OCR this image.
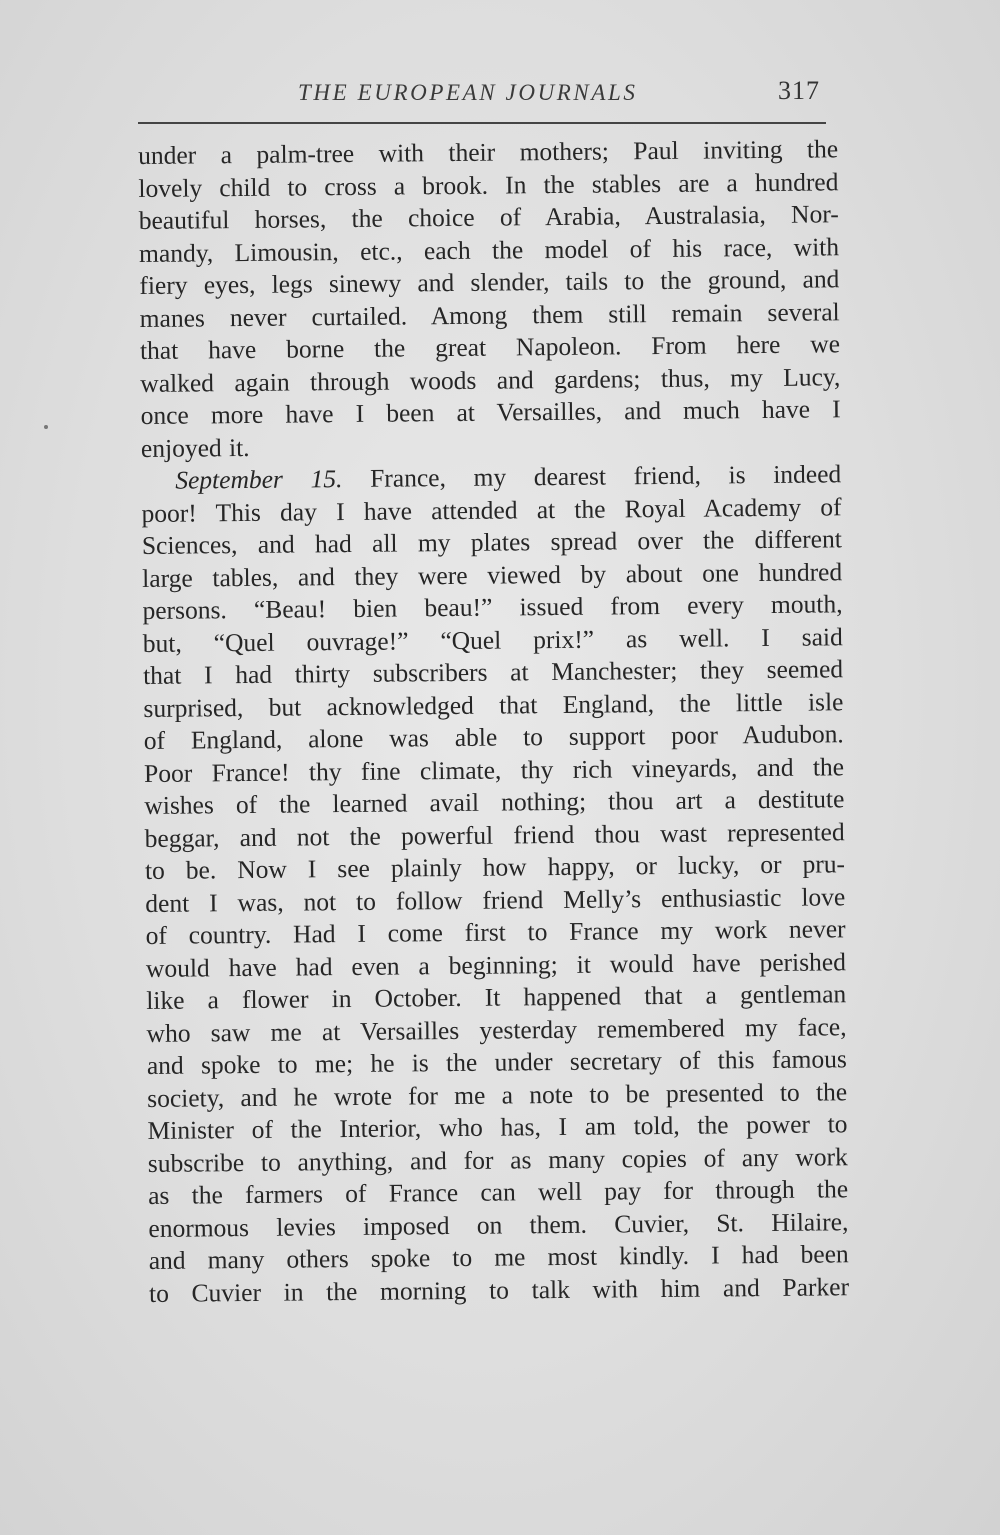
THE EUROPEAN JOURNALS	317
under a palm-tree with their mothers; Paul inviting the
lovely child to cross a brook. In the stables are a hundred
beautiful horses, the choice of Arabia, Australasia, Nor-
mandy, Limousin, etc., each the model of his race, with
fiery eyes, legs sinewy and slender, tails to the ground, and
manes never curtailed. Among them still remain several
that have borne the great Napoleon. From here we
walked again through woods and gardens; thus, my Lucy,
once more have I been at Versailles, and much have I
enjoyed it.
September 15. France, my dearest friend, is indeed
poor! This day I have attended at the Royal Academy of
Sciences, and had all my plates spread over the different
large tables, and they were viewed by about one hundred
persons. “Beau! bien beau!” issued from every mouth,
but, “Quel ouvrage!” “Quel prix!” as well. I said
that I had thirty subscribers at Manchester; they seemed
surprised, but acknowledged that England, the little isle
of England, alone was able to support poor Audubon.
Poor France! thy fine climate, thy rich vineyards, and the
wishes of the learned avail nothing; thou art a destitute
beggar, and not the powerful friend thou wast represented
to be. Now I see plainly how happy, or lucky, or pru-
dent I was, not to follow friend Melly’s enthusiastic love
of country. Had I come first to France my work never
would have had even a beginning; it would have perished
like a flower in October. It happened that a gentleman
who saw me at Versailles yesterday remembered my face,
and spoke to me; he is the under secretary of this famous
society, and he wrote for me a note to be presented to the
Minister of the Interior, who has, I am told, the power to
subscribe to anything, and for as many copies of any work
as the farmers of France can well pay for through the
enormous levies imposed on them. Cuvier, St. Hilaire,
and many others spoke to me most kindly. I had been
to Cuvier in the morning to talk with him and Parker
